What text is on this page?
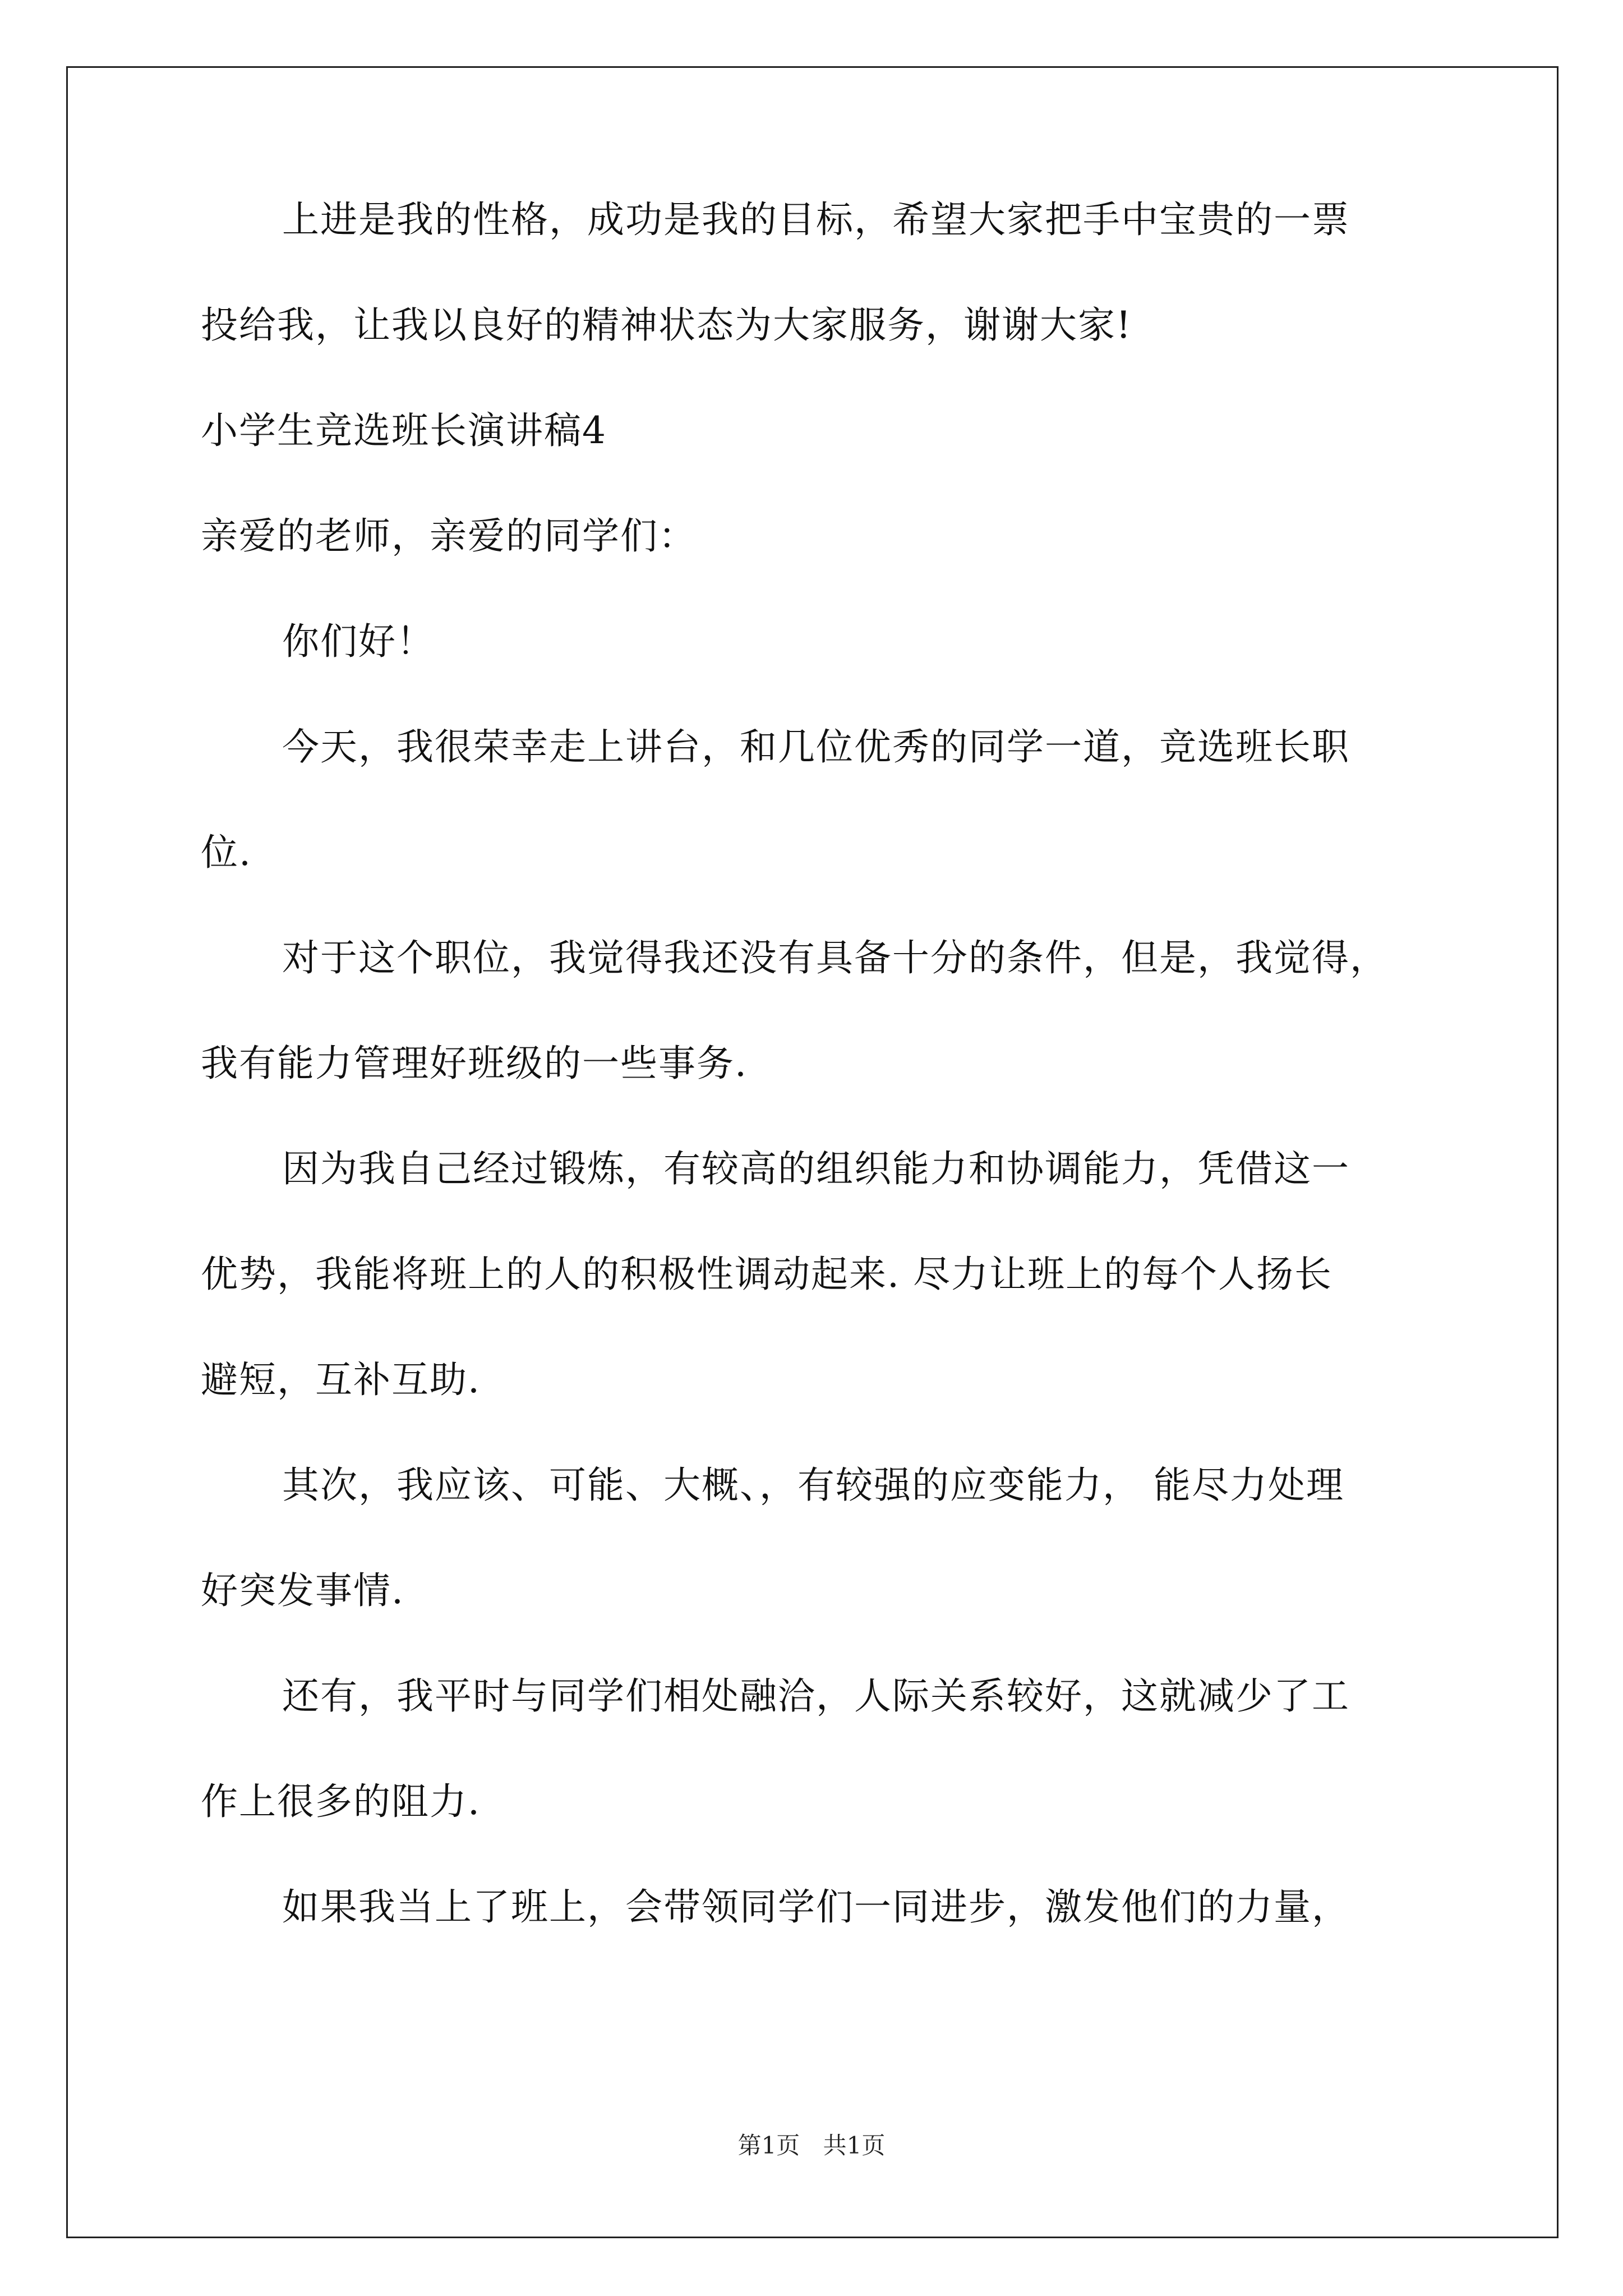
上进是我的性格，成功是我的目标，希望大家把手中宝贵的一票
投给我，让我以良好的精神状态为大家服务，谢谢大家!
小学生竞选班长演讲稿4
亲爱的老师，亲爱的同学们：
你们好！
今天，我很荣幸走上讲台，和几位优秀的同学一道，竞选班长职
位.
对于这个职位，我觉得我还没有具备十分的条件，但是，我觉得，
我有能力管理好班级的一些事务.
因为我自己经过锻炼，有较高的组织能力和协调能力，凭借这一
优势，我能将班上的人的积极性调动起来. 尽力让班上的每个人扬长
避短，互补互助.
其次，我应该、可能、大概、，有较强的应变能力， 能尽力处理
好突发事情.
还有，我平时与同学们相处融洽，人际关系较好，这就减少了工
作上很多的阻力.
如果我当上了班上，会带领同学们一同进步，激发他们的力量，
第1页 共1页
